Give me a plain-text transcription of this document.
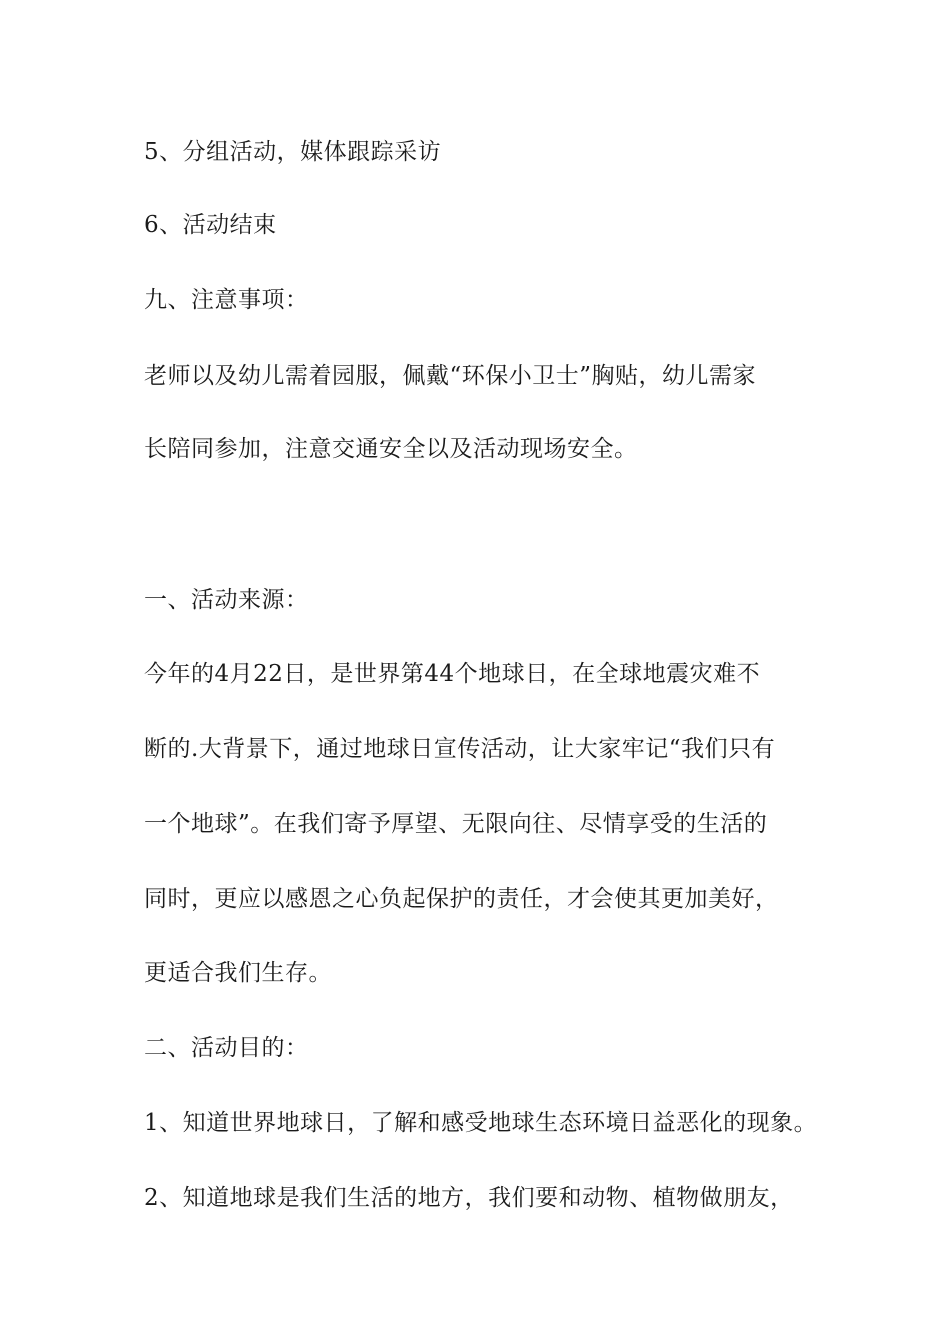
5、分组活动，媒体跟踪采访
6、活动结束
九、注意事项：
老师以及幼儿需着园服，佩戴“环保小卫士”胸贴，幼儿需家
长陪同参加，注意交通安全以及活动现场安全。
一、活动来源：
今年的4月22日，是世界第44个地球日，在全球地震灾难不
断的.大背景下，通过地球日宣传活动，让大家牢记“我们只有
一个地球”。在我们寄予厚望、无限向往、尽情享受的生活的
同时，更应以感恩之心负起保护的责任，才会使其更加美好，
更适合我们生存。
二、活动目的：
1、知道世界地球日，了解和感受地球生态环境日益恶化的现象。
2、知道地球是我们生活的地方，我们要和动物、植物做朋友，
